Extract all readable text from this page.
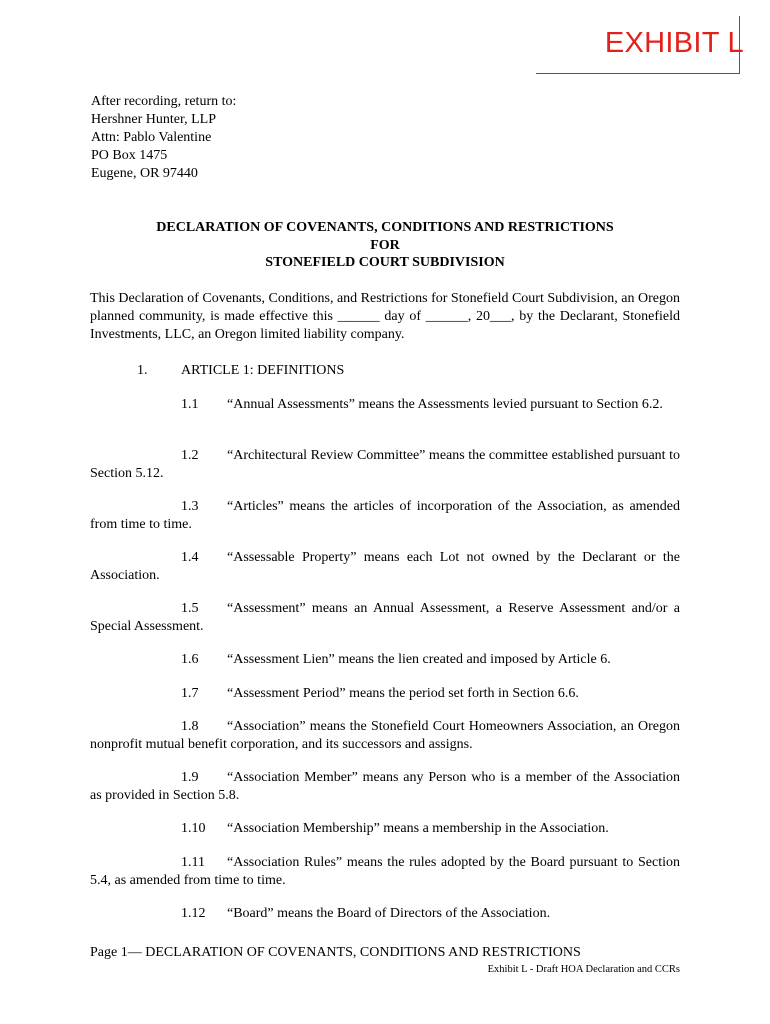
EXHIBIT L
After recording, return to:
Hershner Hunter, LLP
Attn: Pablo Valentine
PO Box 1475
Eugene, OR 97440
DECLARATION OF COVENANTS, CONDITIONS AND RESTRICTIONS
FOR
STONEFIELD COURT SUBDIVISION
This Declaration of Covenants, Conditions, and Restrictions for Stonefield Court Subdivision, an Oregon planned community, is made effective this ______ day of ______, 20___, by the Declarant, Stonefield Investments, LLC, an Oregon limited liability company.
1. ARTICLE 1: DEFINITIONS
1.1 “Annual Assessments” means the Assessments levied pursuant to Section 6.2.
1.2 “Architectural Review Committee” means the committee established pursuant to Section 5.12.
1.3 “Articles” means the articles of incorporation of the Association, as amended from time to time.
1.4 “Assessable Property” means each Lot not owned by the Declarant or the Association.
1.5 “Assessment” means an Annual Assessment, a Reserve Assessment and/or a Special Assessment.
1.6 “Assessment Lien” means the lien created and imposed by Article 6.
1.7 “Assessment Period” means the period set forth in Section 6.6.
1.8 “Association” means the Stonefield Court Homeowners Association, an Oregon nonprofit mutual benefit corporation, and its successors and assigns.
1.9 “Association Member” means any Person who is a member of the Association as provided in Section 5.8.
1.10 “Association Membership” means a membership in the Association.
1.11 “Association Rules” means the rules adopted by the Board pursuant to Section 5.4, as amended from time to time.
1.12 “Board” means the Board of Directors of the Association.
Page 1— DECLARATION OF COVENANTS, CONDITIONS AND RESTRICTIONS
Exhibit L - Draft HOA Declaration and CCRs
